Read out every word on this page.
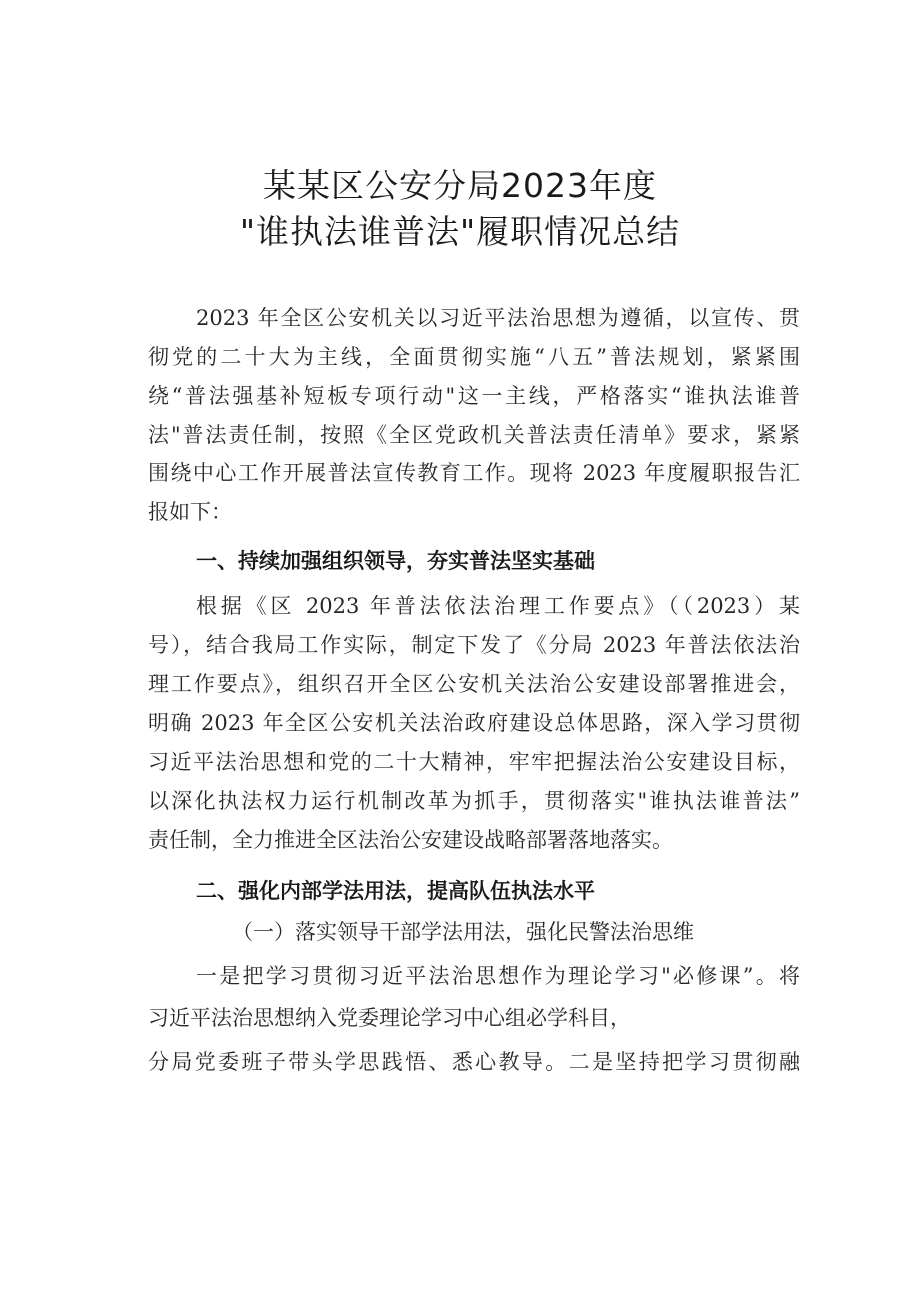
某某区公安分局2023年度
"谁执法谁普法"履职情况总结
2023 年全区公安机关以习近平法治思想为遵循，以宣传、贯
彻党的二十大为主线，全面贯彻实施“八五”普法规划，紧紧围
绕“普法强基补短板专项行动"这一主线，严格落实“谁执法谁普
法"普法责任制，按照《全区党政机关普法责任清单》要求，紧紧
围绕中心工作开展普法宣传教育工作。现将 2023 年度履职报告汇
报如下：
一、持续加强组织领导，夯实普法坚实基础
根据《区 2023 年普法依法治理工作要点》（（2023）某
号），结合我局工作实际，制定下发了《分局 2023 年普法依法治
理工作要点》，组织召开全区公安机关法治公安建设部署推进会，
明确 2023 年全区公安机关法治政府建设总体思路，深入学习贯彻
习近平法治思想和党的二十大精神，牢牢把握法治公安建设目标，
以深化执法权力运行机制改革为抓手，贯彻落实"谁执法谁普法”
责任制，全力推进全区法治公安建设战略部署落地落实。
二、强化内部学法用法，提高队伍执法水平
（一）落实领导干部学法用法，强化民警法治思维
一是把学习贯彻习近平法治思想作为理论学习"必修课”。将
习近平法治思想纳入党委理论学习中心组必学科目，
分局党委班子带头学思践悟、悉心教导。二是坚持把学习贯彻融
